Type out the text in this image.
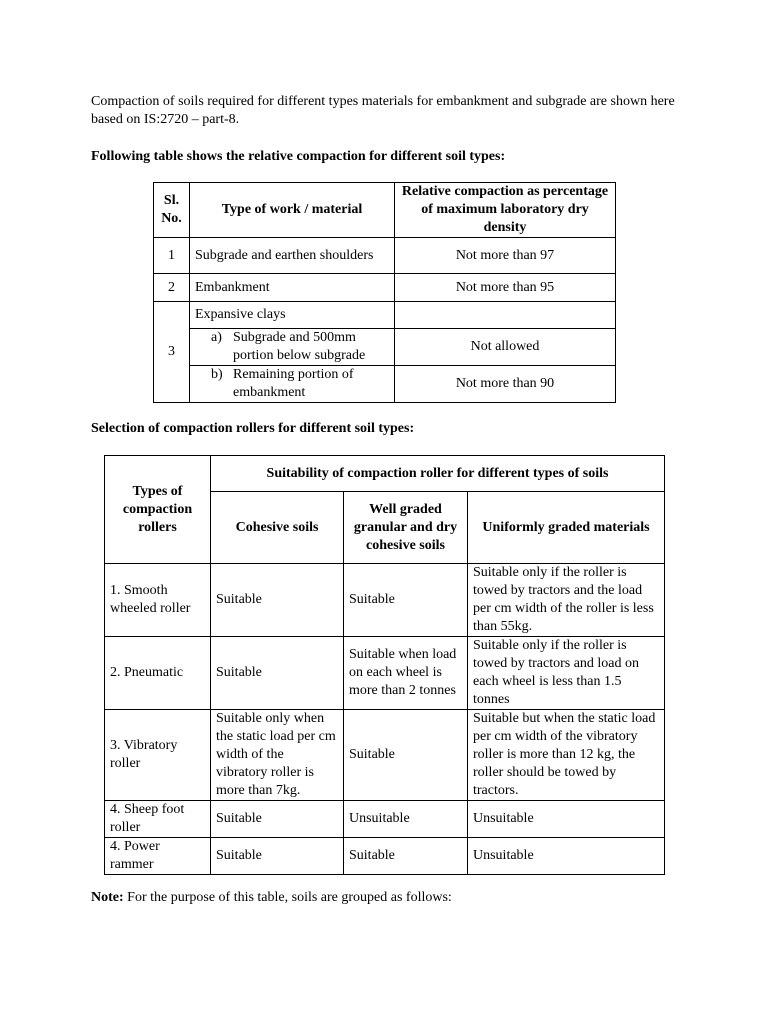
Compaction of soils required for different types materials for embankment and subgrade are shown here based on IS:2720 – part-8.

Following table shows the relative compaction for different soil types:

Sl. No.	Type of work / material	Relative compaction as percentage of maximum laboratory dry density
1	Subgrade and earthen shoulders	Not more than 97
2	Embankment	Not more than 95
3	Expansive clays	

	a) Subgrade and 500mm portion below subgrade	Not allowed

	b) Remaining portion of embankment	Not more than 90

Selection of compaction rollers for different soil types:

Types of compaction rollers	Suitability of compaction roller for different types of soils		
	Cohesive soils	Well graded granular and dry cohesive soils	Uniformly graded materials
1. Smooth wheeled roller	Suitable	Suitable	Suitable only if the roller is towed by tractors and the load per cm width of the roller is less than 55kg.
2. Pneumatic	Suitable	Suitable when load on each wheel is more than 2 tonnes	Suitable only if the roller is towed by tractors and load on each wheel is less than 1.5 tonnes
3. Vibratory roller	Suitable only when the static load per cm width of the vibratory roller is more than 7kg.	Suitable	Suitable but when the static load per cm width of the vibratory roller is more than 12 kg, the roller should be towed by tractors.
4. Sheep foot roller	Suitable	Unsuitable	Unsuitable
4. Power rammer	Suitable	Suitable	Unsuitable

Note: For the purpose of this table, soils are grouped as follows:
